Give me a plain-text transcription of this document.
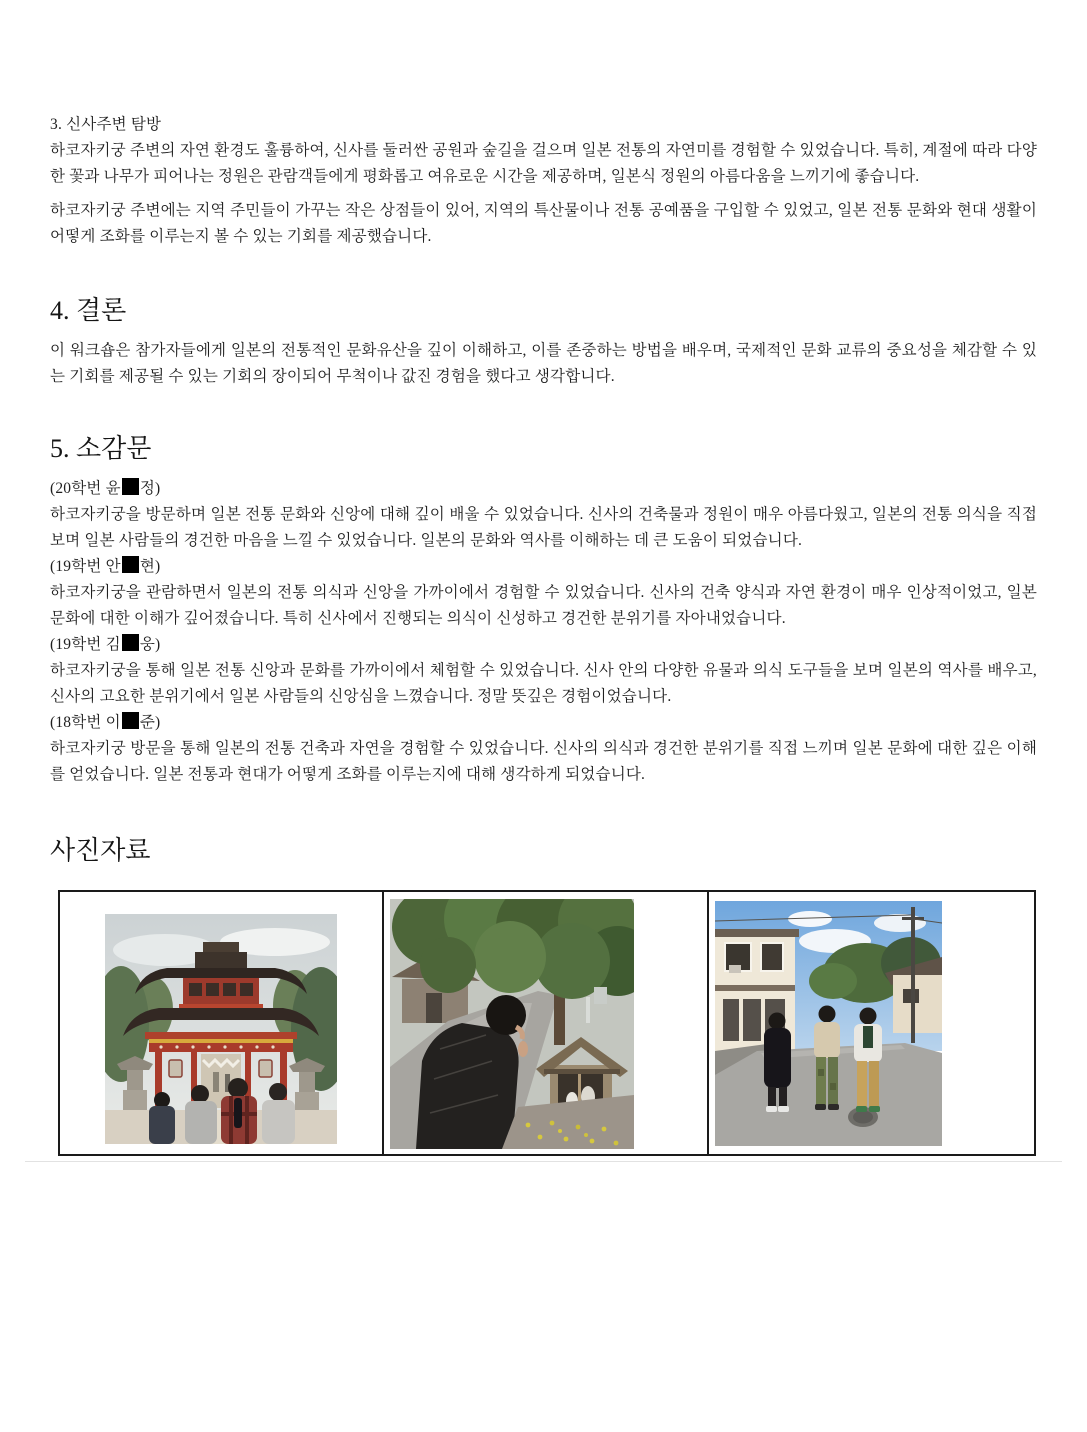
3. 신사주변 탐방

하코자키궁 주변의 자연 환경도 훌륭하여, 신사를 둘러싼 공원과 숲길을 걸으며 일본 전통의 자연미를 경험할 수 있었습니다. 특히, 계절에 따라 다양한 꽃과 나무가 피어나는 정원은 관람객들에게 평화롭고 여유로운 시간을 제공하며, 일본식 정원의 아름다움을 느끼기에 좋습니다.

하코자키궁 주변에는 지역 주민들이 가꾸는 작은 상점들이 있어, 지역의 특산물이나 전통 공예품을 구입할 수 있었고, 일본 전통 문화와 현대 생활이 어떻게 조화를 이루는지 볼 수 있는 기회를 제공했습니다.

4. 결론

이 워크숍은 참가자들에게 일본의 전통적인 문화유산을 깊이 이해하고, 이를 존중하는 방법을 배우며, 국제적인 문화 교류의 중요성을 체감할 수 있는 기회를 제공될 수 있는 기회의 장이되어 무척이나 값진 경험을 했다고 생각합니다.

5. 소감문

(20학번 윤 정)

하코자키궁을 방문하며 일본 전통 문화와 신앙에 대해 깊이 배울 수 있었습니다. 신사의 건축물과 정원이 매우 아름다웠고, 일본의 전통 의식을 직접 보며 일본 사람들의 경건한 마음을 느낄 수 있었습니다. 일본의 문화와 역사를 이해하는 데 큰 도움이 되었습니다.

(19학번 안 현)

하코자키궁을 관람하면서 일본의 전통 의식과 신앙을 가까이에서 경험할 수 있었습니다. 신사의 건축 양식과 자연 환경이 매우 인상적이었고, 일본 문화에 대한 이해가 깊어졌습니다. 특히 신사에서 진행되는 의식이 신성하고 경건한 분위기를 자아내었습니다.

(19학번 김 웅)

하코자키궁을 통해 일본 전통 신앙과 문화를 가까이에서 체험할 수 있었습니다. 신사 안의 다양한 유물과 의식 도구들을 보며 일본의 역사를 배우고, 신사의 고요한 분위기에서 일본 사람들의 신앙심을 느꼈습니다. 정말 뜻깊은 경험이었습니다.

(18학번 이 준)

하코자키궁 방문을 통해 일본의 전통 건축과 자연을 경험할 수 있었습니다. 신사의 의식과 경건한 분위기를 직접 느끼며 일본 문화에 대한 깊은 이해를 얻었습니다. 일본 전통과 현대가 어떻게 조화를 이루는지에 대해 생각하게 되었습니다.

사진자료
